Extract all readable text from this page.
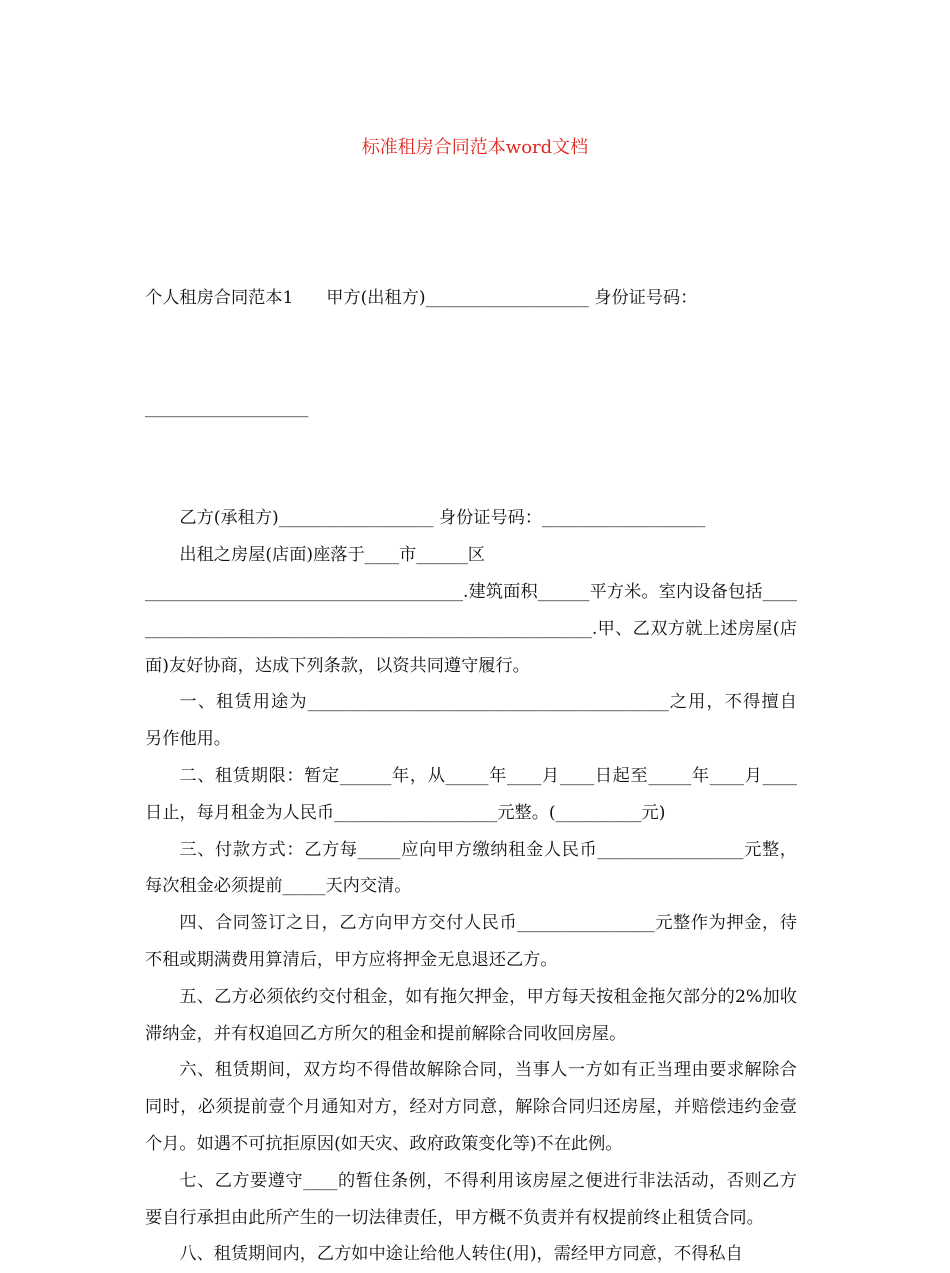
标准租房合同范本word文档

个人租房合同范本1      甲方(出租方)___________________ 身份证号码：

___________________

乙方(承租方)__________________ 身份证号码：___________________

出租之房屋(店面)座落于____市______区

_____________________________________.建筑面积______平方米。室内设备包括________________________________________________________.甲、乙双方就上述房屋(店面)友好协商，达成下列条款，以资共同遵守履行。

一、租赁用途为__________________________________________之用，不得擅自另作他用。

二、租赁期限：暂定______年，从_____年____月____日起至_____年____月____日止，每月租金为人民币___________________元整。(__________元)

三、付款方式：乙方每_____应向甲方缴纳租金人民币_________________元整，每次租金必须提前_____天内交清。

四、合同签订之日，乙方向甲方交付人民币________________元整作为押金，待不租或期满费用算清后，甲方应将押金无息退还乙方。

五、乙方必须依约交付租金，如有拖欠押金，甲方每天按租金拖欠部分的2%加收滞纳金，并有权追回乙方所欠的租金和提前解除合同收回房屋。

六、租赁期间，双方均不得借故解除合同，当事人一方如有正当理由要求解除合同时，必须提前壹个月通知对方，经对方同意，解除合同归还房屋，并赔偿违约金壹个月。如遇不可抗拒原因(如天灾、政府政策变化等)不在此例。

七、乙方要遵守____的暂住条例，不得利用该房屋之便进行非法活动，否则乙方要自行承担由此所产生的一切法律责任，甲方概不负责并有权提前终止租赁合同。

八、租赁期间内，乙方如中途让给他人转住(用)，需经甲方同意，不得私自
